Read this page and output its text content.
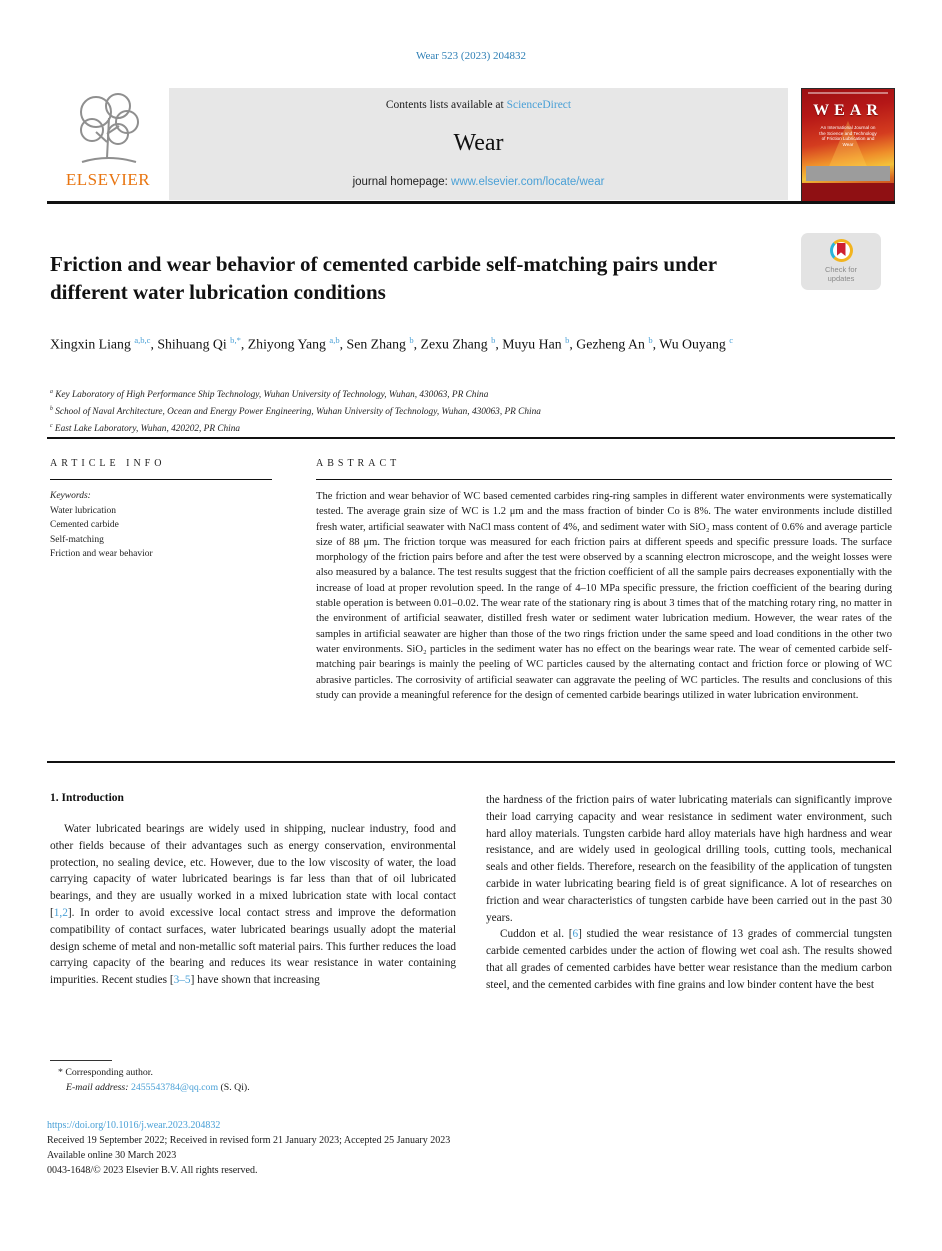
Wear 523 (2023) 204832
ELSEVIER
Contents lists available at ScienceDirect
Wear
journal homepage: www.elsevier.com/locate/wear
WEAR
An International Journal on the Science and Technology of Friction Lubrication and Wear
Check for
updates
Friction and wear behavior of cemented carbide self-matching pairs under different water lubrication conditions
Xingxin Liang $^{a,b,c}$, Shihuang Qi $^{b,*}$, Zhiyong Yang $^{a,b}$, Sen Zhang $^b$, Zexu Zhang $^b$, Muyu Han $^b$, Gezheng An $^b$, Wu Ouyang $^c$
$^a$ Key Laboratory of High Performance Ship Technology, Wuhan University of Technology, Wuhan, 430063, PR China
$^b$ School of Naval Architecture, Ocean and Energy Power Engineering, Wuhan University of Technology, Wuhan, 430063, PR China
$^c$ East Lake Laboratory, Wuhan, 420202, PR China
ARTICLE INFO
Keywords:
Water lubrication
Cemented carbide
Self-matching
Friction and wear behavior
ABSTRACT
The friction and wear behavior of WC based cemented carbides ring-ring samples in different water environments were systematically tested. The average grain size of WC is 1.2 μm and the mass fraction of binder Co is 8%. The water environments include distilled fresh water, artificial seawater with NaCl mass content of 4%, and sediment water with SiO₂ mass content of 0.6% and average particle size of 88 μm. The friction torque was measured for each friction pairs at different speeds and specific pressure loads. The surface morphology of the friction pairs before and after the test were observed by a scanning electron microscope, and the weight losses were also measured by a balance. The test results suggest that the friction coefficient of all the sample pairs decreases exponentially with the increase of load at proper revolution speed. In the range of 4–10 MPa specific pressure, the friction coefficient of the bearing during stable operation is between 0.01–0.02. The wear rate of the stationary ring is about 3 times that of the matching rotary ring, no matter in the environment of artificial seawater, distilled fresh water or sediment water lubrication medium. However, the wear rates of the samples in artificial seawater are higher than those of the two rings friction under the same speed and load conditions in the other two water environments. SiO₂ particles in the sediment water has no effect on the bearings wear rate. The wear of cemented carbide self-matching pair bearings is mainly the peeling of WC particles caused by the alternating contact and friction force or plowing of WC abrasive particles. The corrosivity of artificial seawater can aggravate the peeling of WC particles. The results and conclusions of this study can provide a meaningful reference for the design of cemented carbide bearings utilized in water lubrication environment.
1. Introduction

Water lubricated bearings are widely used in shipping, nuclear industry, food and other fields because of their advantages such as energy conservation, environmental protection, no sealing device, etc. However, due to the low viscosity of water, the load carrying capacity of water lubricated bearings is far less than that of oil lubricated bearings, and they are usually worked in a mixed lubrication state with local contact [1,2]. In order to avoid excessive local contact stress and improve the deformation compatibility of contact surfaces, water lubricated bearings usually adopt the material design scheme of metal and non-metallic soft material pairs. This further reduces the load carrying capacity of the bearing and reduces its wear resistance in water containing impurities. Recent studies [3–5] have shown that increasing

the hardness of the friction pairs of water lubricating materials can significantly improve their load carrying capacity and wear resistance in sediment water environment, such hard alloy materials. Tungsten carbide hard alloy materials have high hardness and wear resistance, and are widely used in geological drilling tools, cutting tools, mechanical seals and other fields. Therefore, research on the feasibility of the application of tungsten carbide in water lubricating bearing field is of great significance. A lot of researches on friction and wear characteristics of tungsten carbide have been carried out in the past 30 years.

Cuddon et al. [6] studied the wear resistance of 13 grades of commercial tungsten carbide cemented carbides under the action of flowing wet coal ash. The results showed that all grades of cemented carbides have better wear resistance than the medium carbon steel, and the cemented carbides with fine grains and low binder content have the best

* Corresponding author.
E-mail address: 2455543784@qq.com (S. Qi).
https://doi.org/10.1016/j.wear.2023.204832
Received 19 September 2022; Received in revised form 21 January 2023; Accepted 25 January 2023
Available online 30 March 2023
0043-1648/© 2023 Elsevier B.V. All rights reserved.
